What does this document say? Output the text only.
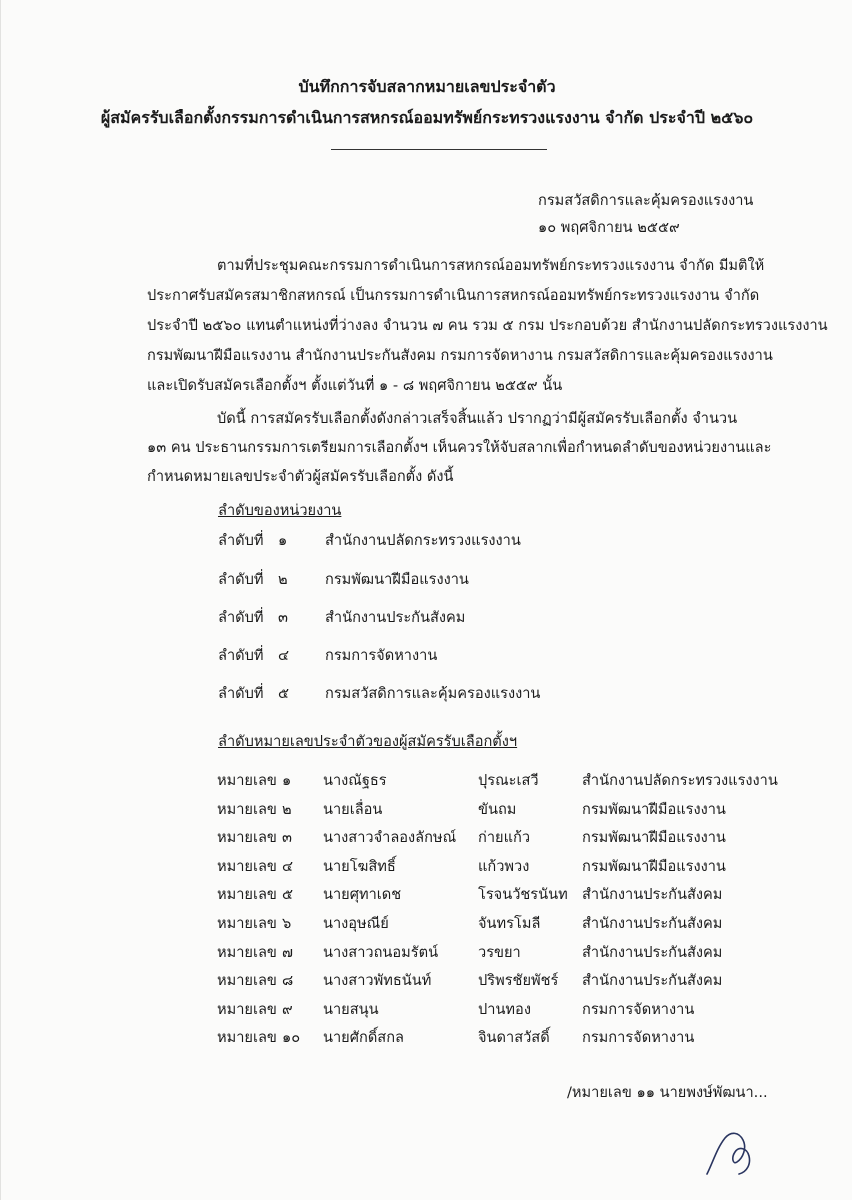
บันทึกการจับสลากหมายเลขประจำตัว
ผู้สมัครรับเลือกตั้งกรรมการดำเนินการสหกรณ์ออมทรัพย์กระทรวงแรงงาน จำกัด ประจำปี ๒๕๖๐
กรมสวัสดิการและคุ้มครองแรงงาน
๑๐ พฤศจิกายน ๒๕๕๙
ตามที่ประชุมคณะกรรมการดำเนินการสหกรณ์ออมทรัพย์กระทรวงแรงงาน จำกัด มีมติให้
ประกาศรับสมัครสมาชิกสหกรณ์ เป็นกรรมการดำเนินการสหกรณ์ออมทรัพย์กระทรวงแรงงาน จำกัด
ประจำปี ๒๕๖๐ แทนตำแหน่งที่ว่างลง จำนวน ๗ คน รวม ๕ กรม ประกอบด้วย สำนักงานปลัดกระทรวงแรงงาน
กรมพัฒนาฝีมือแรงงาน สำนักงานประกันสังคม กรมการจัดหางาน กรมสวัสดิการและคุ้มครองแรงงาน
และเปิดรับสมัครเลือกตั้งฯ ตั้งแต่วันที่ ๑ - ๘ พฤศจิกายน ๒๕๕๙ นั้น
บัดนี้ การสมัครรับเลือกตั้งดังกล่าวเสร็จสิ้นแล้ว ปรากฏว่ามีผู้สมัครรับเลือกตั้ง จำนวน
๑๓ คน ประธานกรรมการเตรียมการเลือกตั้งฯ เห็นควรให้จับสลากเพื่อกำหนดลำดับของหน่วยงานและ
กำหนดหมายเลขประจำตัวผู้สมัครรับเลือกตั้ง ดังนี้
ลำดับของหน่วยงาน
ลำดับที่ ๑	สำนักงานปลัดกระทรวงแรงงาน
ลำดับที่ ๒	กรมพัฒนาฝีมือแรงงาน
ลำดับที่ ๓	สำนักงานประกันสังคม
ลำดับที่ ๔ กรมการจัดหางาน
ลำดับที่ ๕ กรมสวัสดิการและคุ้มครองแรงงาน
ลำดับหมายเลขประจำตัวของผู้สมัครรับเลือกตั้งฯ
หมายเลข ๑ นางณัฐธร	ปุรณะเสวี	สำนักงานปลัดกระทรวงแรงงาน
หมายเลข ๒ นายเลื่อน	ขันถม	กรมพัฒนาฝีมือแรงงาน
หมายเลข ๓ นางสาวจำลองลักษณ์ ก่ายแก้ว	กรมพัฒนาฝีมือแรงงาน
หมายเลข ๔ นายโฆสิทธิ์	แก้วพวง	กรมพัฒนาฝีมือแรงงาน
หมายเลข ๕ นายศุทาเดช	โรจนวัชรนันท สำนักงานประกันสังคม
หมายเลข ๖ นางอุษณีย์	จันทรโมลี	สำนักงานประกันสังคม
หมายเลข ๗ นางสาวถนอมรัตน์	วรขยา	สำนักงานประกันสังคม
หมายเลข ๘ นางสาวพัทธนันท์	ปริพรชัยพัชร์ สำนักงานประกันสังคม
หมายเลข ๙ นายสนุน	ปานทอง	กรมการจัดหางาน
หมายเลข ๑๐ นายศักดิ์สกล	จินดาสวัสดิ์ กรมการจัดหางาน
/หมายเลข ๑๑ นายพงษ์พัฒนา...
